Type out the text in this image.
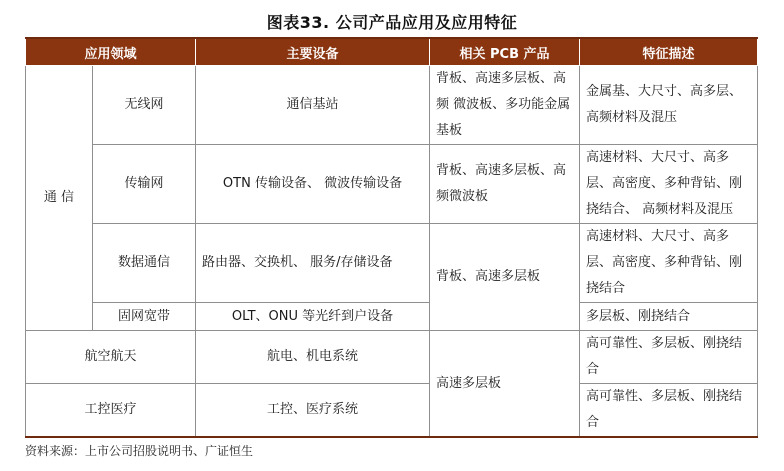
图表33. 公司产品应用及应用特征
应用领域		主要设备	相关 PCB 产品	特征描述
通 信	无线网	通信基站	背板、高速多层板、高频 微波板、多功能金属基板	金属基、大尺寸、高多层、高频材料及混压
	传输网	OTN 传输设备、 微波传输设备	背板、高速多层板、高频微波板	高速材料、大尺寸、高多层、高密度、多种背钻、刚挠结合、 高频材料及混压
	数据通信	路由器、交换机、 服务/存储设备	背板、高速多层板	高速材料、大尺寸、高多层、高密度、多种背钻、刚挠结合
	固网宽带	OLT、ONU 等光纤到户设备		多层板、刚挠结合
航空航天		航电、机电系统	高速多层板	高可靠性、多层板、刚挠结合
工控医疗		工控、医疗系统		高可靠性、多层板、刚挠结合
资料来源：上市公司招股说明书、广证恒生
